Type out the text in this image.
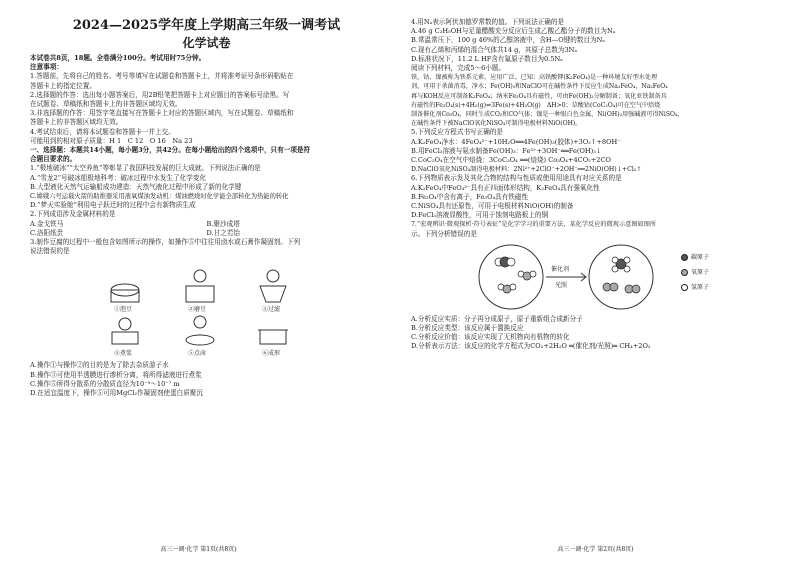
2024—2025学年度上学期高三年级一调考试

化学试卷

本试卷共8页，18题。全卷满分100分。考试用时75分钟。

注意事项：

1.答题前，先将自己的姓名、考号等填写在试题卷和答题卡上，并将准考证号条形码粘贴在

答题卡上的指定位置。

2.选择题的作答：选出每小题答案后，用2B铅笔把答题卡上对应题目的答案标号涂黑。写

在试题卷、草稿纸和答题卡上的非答题区域均无效。

3.非选择题的作答：用签字笔直接写在答题卡上对应的答题区域内，写在试题卷、草稿纸和

答题卡上的非答题区域均无效。

4.考试结束后，请将本试题卷和答题卡一并上交。

可能用到的相对原子质量：H 1　C 12　O 16　Na 23

一、选择题：本题共14小题，每小题3分，共42分。在每小题给出的四个选项中，只有一项是符

合题目要求的。

1.“极地破冰”“太空养鱼”等彰显了我国科技发展的巨大成就。下列说法正确的是

A.“雪龙2”号破冰船极地科考：破冰过程中水发生了化学变化

B.大型液化天然气运输船成功建造：天然气液化过程中形成了新的化学键

C.嫦娥六号运载火箭的助推器采用液氧煤油发动机：煤油燃烧时化学能全部转化为热能的转化

D.“梦天实验舱”利用电子跃迁时的过程中会有新物质生成

2.下列成语涉及金属材料的是

A.金戈铁马	B.聚沙成塔

C.洛阳纸贵	D.甘之若饴

3.制作豆腐的过程中一般包含如图所示的操作，如操作⑤中往往用卤水或石膏作凝固剂。下列

说法错误的是

①泡豆	②磨豆	③过滤
④煮浆	⑤点卤	⑥成形

A.操作①与操作②的目的是为了除去杂质游子水

B.操作③可使用半透膜进行渗析分离，将所得滤液进行煮浆

C.操作⑤所得分散系的分散质直径为10⁻⁹～10⁻⁷ m

D.在适宜温度下，操作⑤可用MgCl₂作凝固剂使蛋白质聚沉

高三一调·化学 第1页(共8页)

4.用Nₐ表示阿伏加德罗常数的值。下列说法正确的是

A.46 g C₂H₅OH与足量醋酸充分反应后生成乙酸乙酯分子的数目为Nₐ

B.常温常压下，100 g 46%的乙醇溶液中，含H—O键的数目为Nₐ

C.现有乙烯和丙烯的混合气体共14 g，其原子总数为3Nₐ

D.标准状况下，11.2 L HF含有氟原子数目为0.5Nₐ

阅读下列材料，完成5～6小题。

铁、钴、镍被称为铁系元素，应用广泛。已知：高铁酸钾(K₂FeO₄)是一种环境友好型水处理

剂，可用于杀菌消毒，净水；Fe(OH)₃和NaClO可在碱性条件下反应生成Na₂FeO₄，Na₂FeO₄

再与KOH反应可制备K₂FeO₄；纳米Fe₃O₄具有磁性，可由Fe(OH)₃分解制备；氧化亚铁制备具

有磁性的Fe₃O₄(s)+4H₂(g)⇌3Fe(s)+4H₂O(g)　ΔH>0；草酸钴(CoC₂O₄)可在空气中焙烧

制备催化剂Co₃O₄，同时生成CO₂和CO气体；镍是一种银白色金属，Ni(OH)₂用强碱液可得NiSO₄，

在碱性条件下被NaClO氧化NiSO₄可制得电极材料NiO(OH)。

5.下列反应方程式书写正确的是

A.K₂FeO₄净水：4FeO₄²⁻+10H₂O══4Fe(OH)₃(胶体)+3O₂↑+8OH⁻

B.用FeCl₃溶液与氨水制备Fe(OH)₃：Fe³⁺+3OH⁻══Fe(OH)₃↓

C.CoC₂O₄在空气中焙烧：3CoC₂O₄ ══(焙烧) Co₃O₄+4CO₂+2CO

D.NaClO氧化NiSO₄制得电极材料：2Ni²⁺+2ClO⁻+2OH⁻══2NiO(OH)↓+Cl₂↑

6.下列物质表示发及其化合物的结构与性质或使用用途具有对应关系的是

A.K₂FeO₄中FeO₄²⁻具有正四面体形结构，K₂FeO₄具有强氧化性

B.Fe₃O₄中含有离子，Fe₃O₄具有铁磁性

C.NiSO₄具有还原性，可用于电极材料NiO(OH)的制备

D.FeCl₃溶液显酸性，可用于蚀刻电路板上的铜

7.“宏观辨识·微观探析·符号表征”是化学学习的重要方法，某化学反应的微观示意图如图所

示。下列分析错误的是

催化剂
光照
碳原子
氧原子
氢原子

A.分析反应实质：分子再分成原子，原子重新组合成新分子

B.分析反应类型：该反应属于置换反应

C.分析反应价值：该反应实现了无机物向有机物的转化

D.分析表示方法：该反应的化学方程式为CO₂+2H₂O ═(催化剂/光照)═ CH₄+2O₂

高三一调·化学 第2页(共8页)
